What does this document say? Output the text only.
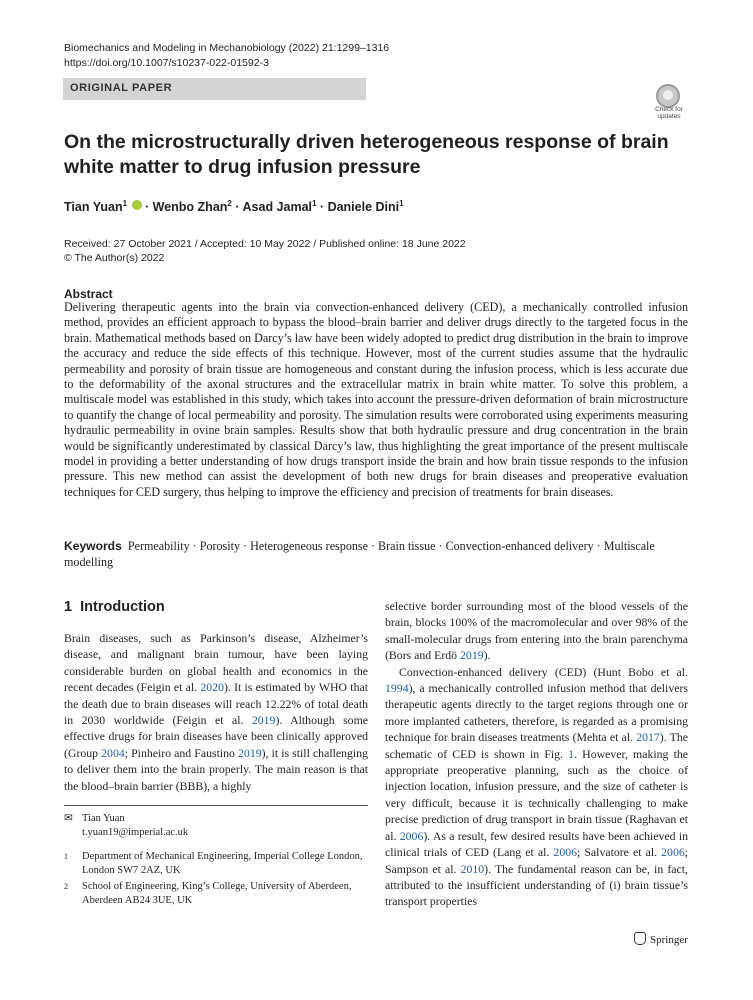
Biomechanics and Modeling in Mechanobiology (2022) 21:1299–1316
https://doi.org/10.1007/s10237-022-01592-3
ORIGINAL PAPER
Check for
updates
On the microstructurally driven heterogeneous response of brain white matter to drug infusion pressure
Tian Yuan$^1$  · Wenbo Zhan$^2$ · Asad Jamal$^1$ · Daniele Dini$^1$
Received: 27 October 2021 / Accepted: 10 May 2022 / Published online: 18 June 2022
© The Author(s) 2022
Abstract
Delivering therapeutic agents into the brain via convection-enhanced delivery (CED), a mechanically controlled infusion method, provides an efficient approach to bypass the blood–brain barrier and deliver drugs directly to the targeted focus in the brain. Mathematical methods based on Darcy’s law have been widely adopted to predict drug distribution in the brain to improve the accuracy and reduce the side effects of this technique. However, most of the current studies assume that the hydraulic permeability and porosity of brain tissue are homogeneous and constant during the infusion process, which is less accurate due to the deformability of the axonal structures and the extracellular matrix in brain white matter. To solve this problem, a multiscale model was established in this study, which takes into account the pressure-driven deformation of brain microstructure to quantify the change of local permeability and porosity. The simulation results were corroborated using experiments measuring hydraulic permeability in ovine brain samples. Results show that both hydraulic pressure and drug concentration in the brain would be significantly underestimated by classical Darcy’s law, thus highlighting the great importance of the present multiscale model in providing a better understanding of how drugs transport inside the brain and how brain tissue responds to the infusion pressure. This new method can assist the development of both new drugs for brain diseases and preoperative evaluation techniques for CED surgery, thus helping to improve the efficiency and precision of treatments for brain diseases.
Keywords Permeability · Porosity · Heterogeneous response · Brain tissue · Convection-enhanced delivery · Multiscale modelling
1 Introduction

Brain diseases, such as Parkinson’s disease, Alzheimer’s disease, and malignant brain tumour, have been laying considerable burden on global health and economics in the recent decades (Feigin et al. 2020). It is estimated by WHO that the death due to brain diseases will reach 12.22% of total death in 2030 worldwide (Feigin et al. 2019). Although some effective drugs for brain diseases have been clinically approved (Group 2004; Pinheiro and Faustino 2019), it is still challenging to deliver them into the brain properly. The main reason is that the blood–brain barrier (BBB), a highly

selective border surrounding most of the blood vessels of the brain, blocks 100% of the macromolecular and over 98% of the small-molecular drugs from entering into the brain parenchyma (Bors and Erdö 2019).

Convection-enhanced delivery (CED) (Hunt Bobo et al. 1994), a mechanically controlled infusion method that delivers therapeutic agents directly to the target regions through one or more implanted catheters, therefore, is regarded as a promising technique for brain diseases treatments (Mehta et al. 2017). The schematic of CED is shown in Fig. 1. However, making the appropriate preoperative planning, such as the choice of injection location, infusion pressure, and the size of catheter is very difficult, because it is technically challenging to make precise prediction of drug transport in brain tissue (Raghavan et al. 2006). As a result, few desired results have been achieved in clinical trials of CED (Lang et al. 2006; Salvatore et al. 2006; Sampson et al. 2010). The fundamental reason can be, in fact, attributed to the insufficient understanding of (i) brain tissue’s transport properties

✉ Tian Yuan
t.yuan19@imperial.ac.uk
1 Department of Mechanical Engineering, Imperial College London, London SW7 2AZ, UK
2 School of Engineering, King’s College, University of Aberdeen, Aberdeen AB24 3UE, UK
Springer
